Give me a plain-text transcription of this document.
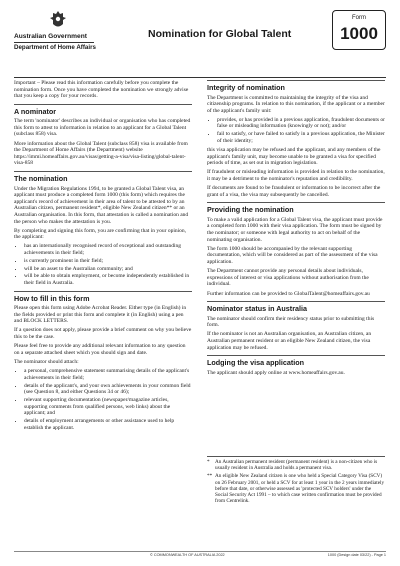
Australian Government
Department of Home Affairs
Nomination for Global Talent
Form
1000

Important – Please read this information carefully before you complete the nomination form. Once you have completed the nomination we strongly advise that you keep a copy for your records.

A nominator

The term 'nominator' describes an individual or organisation who has completed this form to attest to information in relation to an applicant for a Global Talent (subclass 858) visa.

More information about the Global Talent (subclass 858) visa is available from the Department of Home Affairs (the Department) website https://immi.homeaffairs.gov.au/visas/getting-a-visa/visa-listing/global-talent-visa-858

The nomination

Under the Migration Regulations 1994, to be granted a Global Talent visa, an applicant must produce a completed form 1000 (this form) which requires the applicant's record of achievement in their area of talent to be attested to by an Australian citizen, permanent resident*, eligible New Zealand citizen** or an Australian organisation. In this form, that attestation is called a nomination and the person who makes the attestation is you.

By completing and signing this form, you are confirming that in your opinion, the applicant:

• has an internationally recognised record of exceptional and outstanding achievements in their field;
• is currently prominent in their field;
• will be an asset to the Australian community; and
• will be able to obtain employment, or become independently established in their field in Australia.
How to fill in this form

Please open this form using Adobe Acrobat Reader. Either type (in English) in the fields provided or print this form and complete it (in English) using a pen and BLOCK LETTERS.

If a question does not apply, please provide a brief comment on why you believe this to be the case.

Please feel free to provide any additional relevant information to any question on a separate attached sheet which you should sign and date.

The nominator should attach:

• a personal, comprehensive statement summarising details of the applicant's achievements in their field;
• details of the applicant's, and your own achievements in your common field (see Question 8, and either Questions 34 or 46);
• relevant supporting documentation (newspaper/magazine articles, supporting comments from qualified persons, web links) about the applicant; and
• details of employment arrangements or other assistance used to help establish the applicant.
Integrity of nomination

The Department is committed to maintaining the integrity of the visa and citizenship programs. In relation to this nomination, if the applicant or a member of the applicant's family unit:

• provides, or has provided in a previous application, fraudulent documents or false or misleading information (knowingly or not); and/or
• fail to satisfy, or have failed to satisfy in a previous application, the Minister of their identity;

this visa application may be refused and the applicant, and any members of the applicant's family unit, may become unable to be granted a visa for specified periods of time, as set out in migration legislation.

If fraudulent or misleading information is provided in relation to the nomination, it may be a detriment to the nominator's reputation and credibility.

If documents are found to be fraudulent or information to be incorrect after the grant of a visa, the visa may subsequently be cancelled.

Providing the nomination

To make a valid application for a Global Talent visa, the applicant must provide a completed form 1000 with their visa application. The form must be signed by the nominator; or someone with legal authority to act on behalf of the nominating organisation.

The form 1000 should be accompanied by the relevant supporting documentation, which will be considered as part of the assessment of the visa application.

The Department cannot provide any personal details about individuals, expressions of interest or visa applications without authorisation from the individual.

Further information can be provided to GlobalTalent@homeaffairs.gov.au

Nominator status in Australia

The nominator should confirm their residency status prior to submitting this form.

If the nominator is not an Australian organisation, an Australian citizen, an Australian permanent resident or an eligible New Zealand citizen, the visa application may be refused.

Lodging the visa application

The applicant should apply online at www.homeaffairs.gov.au.

* An Australian permanent resident (permanent resident) is a non-citizen who is usually resident in Australia and holds a permanent visa.
** An eligible New Zealand citizen is one who held a Special Category Visa (SCV) on 26 February 2001, or held a SCV for at least 1 year in the 2 years immediately before that date, or otherwise assessed as 'protected SCV holders' under the Social Security Act 1991 – to which case written confirmation must be provided from Centrelink.
© COMMONWEALTH OF AUSTRALIA 2022	1000 (Design date 03/22) - Page 1
